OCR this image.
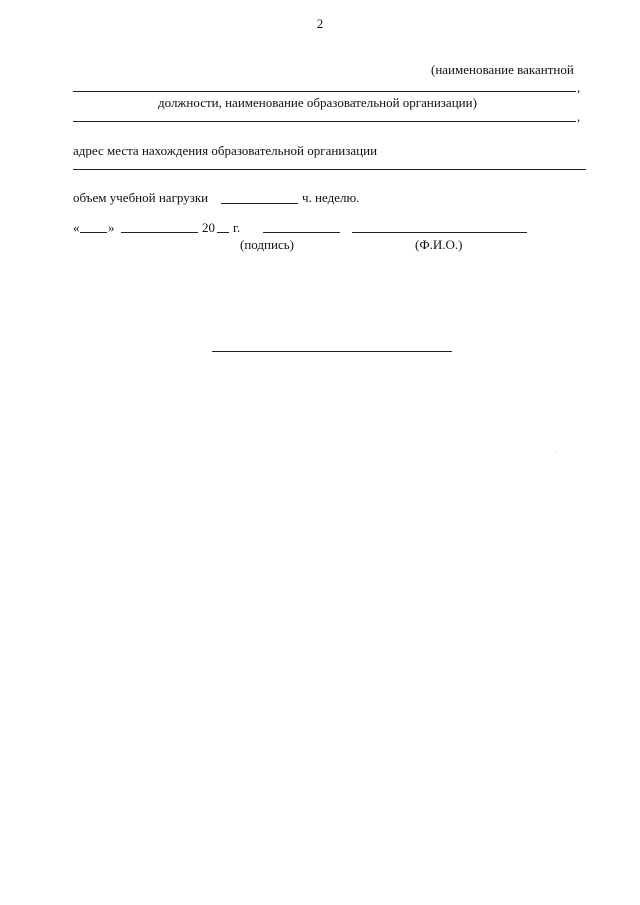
2
(наименование вакантной
,
должности, наименование образовательной организации)
,
адрес места нахождения образовательной организации
объем учебной нагрузки	ч. неделю.
« »	20 г.
(подпись)	(Ф.И.О.)
